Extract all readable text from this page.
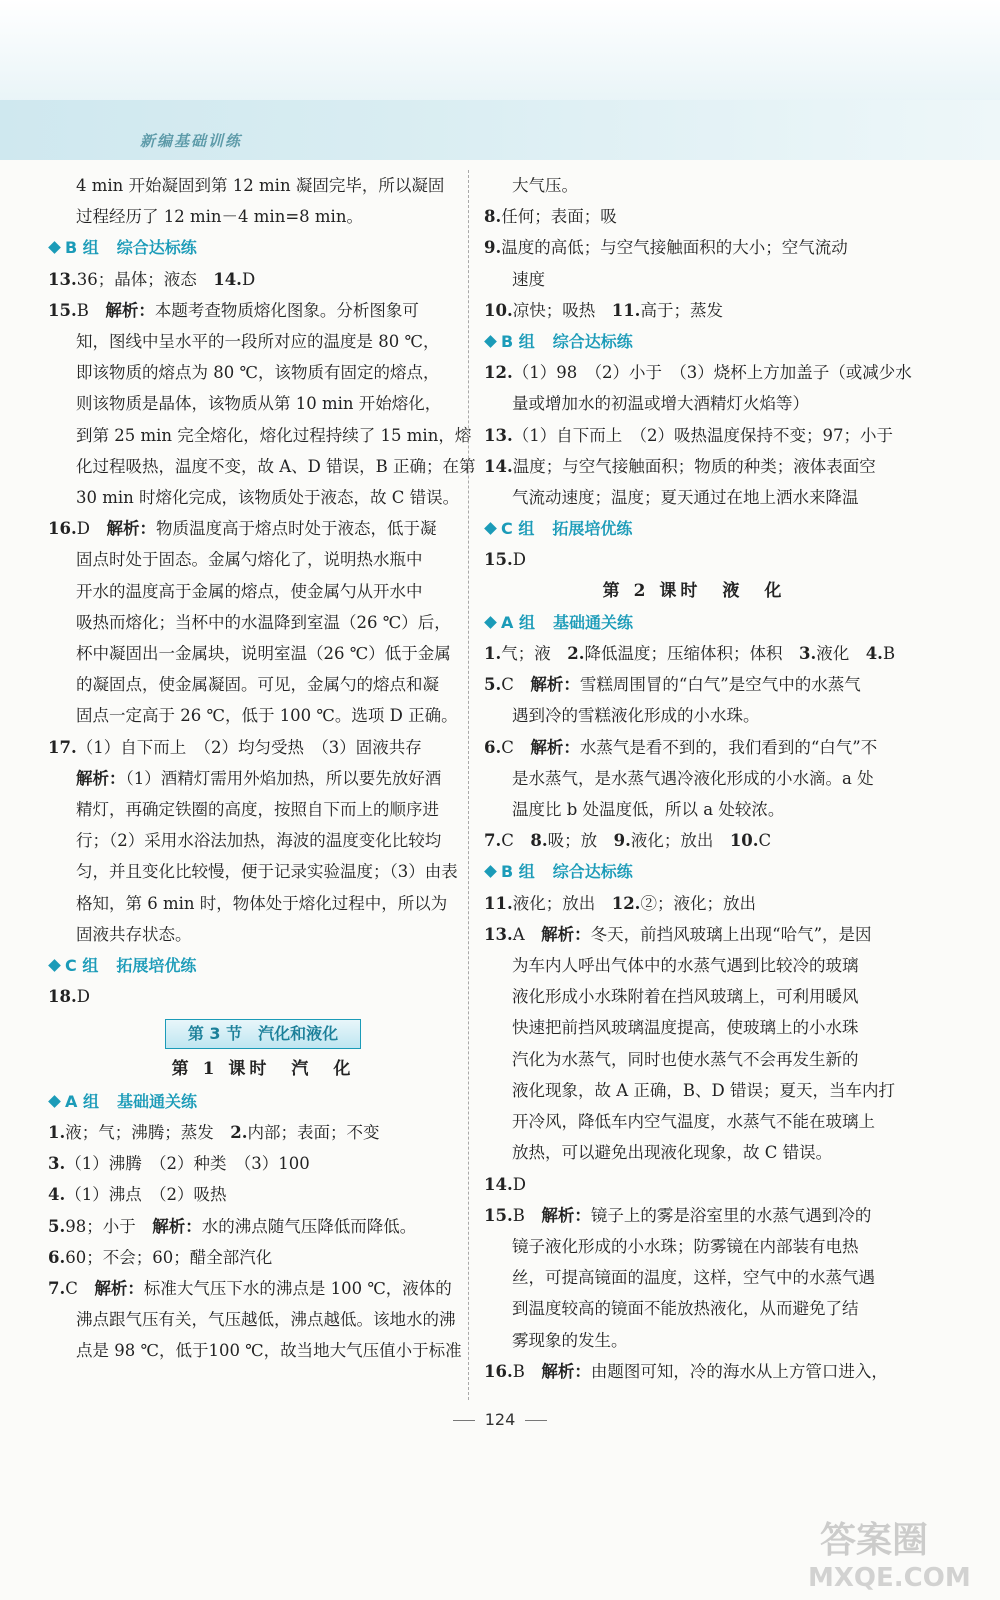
新编基础训练
4 min 开始凝固到第 12 min 凝固完毕，所以凝固
过程经历了 12 min－4 min=8 min。
B 组 综合达标练
13.36；晶体；液态　14.D
15.B　解析：本题考查物质熔化图象。分析图象可
知，图线中呈水平的一段所对应的温度是 80 ℃，
即该物质的熔点为 80 ℃，该物质有固定的熔点，
则该物质是晶体，该物质从第 10 min 开始熔化，
到第 25 min 完全熔化，熔化过程持续了 15 min，熔
化过程吸热，温度不变，故 A、D 错误，B 正确；在第
30 min 时熔化完成，该物质处于液态，故 C 错误。
16.D　解析：物质温度高于熔点时处于液态，低于凝
固点时处于固态。金属勺熔化了，说明热水瓶中
开水的温度高于金属的熔点，使金属勺从开水中
吸热而熔化；当杯中的水温降到室温（26 ℃）后，
杯中凝固出一金属块，说明室温（26 ℃）低于金属
的凝固点，使金属凝固。可见，金属勺的熔点和凝
固点一定高于 26 ℃，低于 100 ℃。选项 D 正确。
17.（1）自下而上　（2）均匀受热　（3）固液共存
解析：（1）酒精灯需用外焰加热，所以要先放好酒
精灯，再确定铁圈的高度，按照自下而上的顺序进
行；（2）采用水浴法加热，海波的温度变化比较均
匀，并且变化比较慢，便于记录实验温度；（3）由表
格知，第 6 min 时，物体处于熔化过程中，所以为
固液共存状态。
C 组 拓展培优练
18.D
第 3 节　汽化和液化
第 1 课时　汽　化
A 组 基础通关练
1.液；气；沸腾；蒸发　2.内部；表面；不变
3.（1）沸腾　（2）种类　（3）100
4.（1）沸点　（2）吸热
5.98；小于　解析：水的沸点随气压降低而降低。
6.60；不会；60；醋全部汽化
7.C　解析：标准大气压下水的沸点是 100 ℃，液体的
沸点跟气压有关，气压越低，沸点越低。该地水的沸
点是 98 ℃，低于100 ℃，故当地大气压值小于标准
大气压。
8.任何；表面；吸
9.温度的高低；与空气接触面积的大小；空气流动
速度
10.凉快；吸热　11.高于；蒸发
B 组 综合达标练
12.（1）98　（2）小于　（3）烧杯上方加盖子（或减少水
量或增加水的初温或增大酒精灯火焰等）
13.（1）自下而上　（2）吸热温度保持不变；97；小于
14.温度；与空气接触面积；物质的种类；液体表面空
气流动速度；温度；夏天通过在地上洒水来降温
C 组 拓展培优练
15.D
第 2 课时　液　化
A 组 基础通关练
1.气；液　2.降低温度；压缩体积；体积　3.液化　4.B
5.C　解析：雪糕周围冒的“白气”是空气中的水蒸气
遇到冷的雪糕液化形成的小水珠。
6.C　解析：水蒸气是看不到的，我们看到的“白气”不
是水蒸气，是水蒸气遇冷液化形成的小水滴。a 处
温度比 b 处温度低，所以 a 处较浓。
7.C　8.吸；放　9.液化；放出　10.C
B 组 综合达标练
11.液化；放出　12.②；液化；放出
13.A　解析：冬天，前挡风玻璃上出现“哈气”，是因
为车内人呼出气体中的水蒸气遇到比较冷的玻璃
液化形成小水珠附着在挡风玻璃上，可利用暖风
快速把前挡风玻璃温度提高，使玻璃上的小水珠
汽化为水蒸气，同时也使水蒸气不会再发生新的
液化现象，故 A 正确，B、D 错误；夏天，当车内打
开冷风，降低车内空气温度，水蒸气不能在玻璃上
放热，可以避免出现液化现象，故 C 错误。
14.D
15.B　解析：镜子上的雾是浴室里的水蒸气遇到冷的
镜子液化形成的小水珠；防雾镜在内部装有电热
丝，可提高镜面的温度，这样，空气中的水蒸气遇
到温度较高的镜面不能放热液化，从而避免了结
雾现象的发生。
16.B　解析：由题图可知，冷的海水从上方管口进入，
124
答案圈
MXQE.COM
